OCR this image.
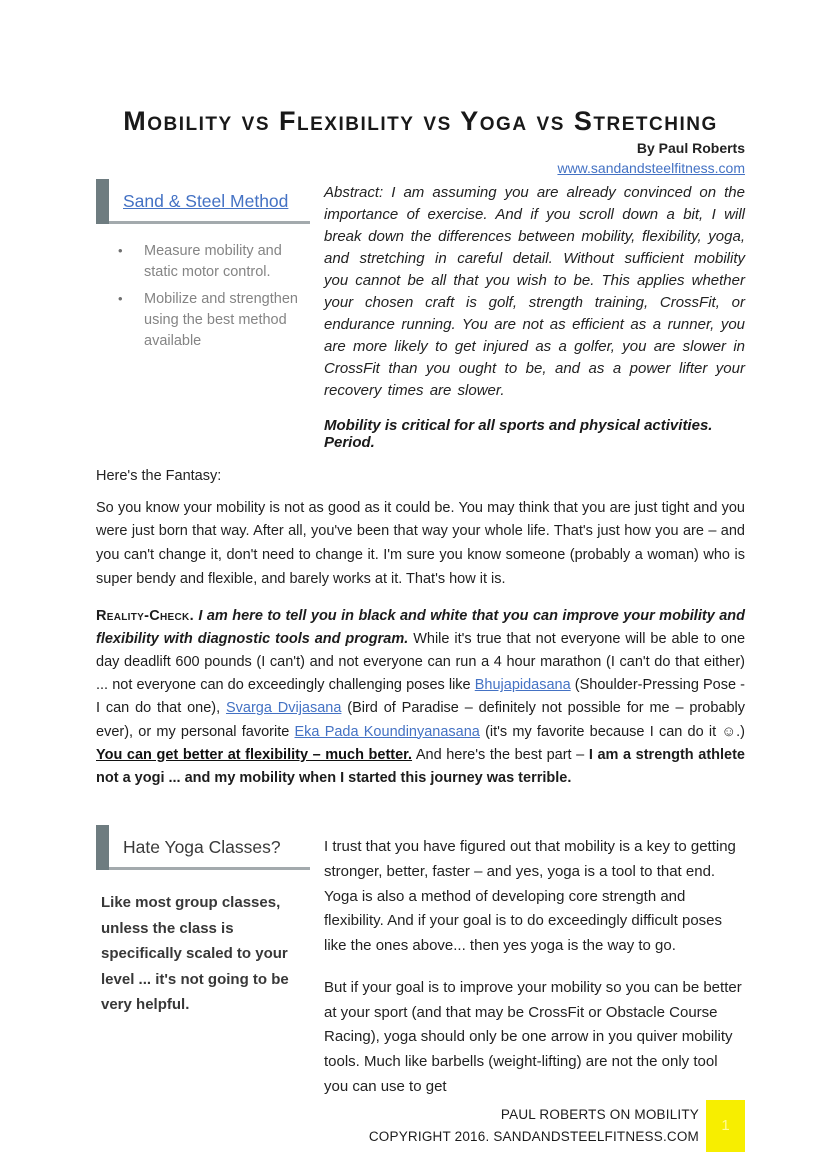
Mobility vs Flexibility vs Yoga vs Stretching
By Paul Roberts
www.sandandsteelfitness.com
Sand & Steel Method
•	Measure mobility and static motor control.
•	Mobilize and strengthen using the best method available

Abstract: I am assuming you are already convinced on the importance of exercise. And if you scroll down a bit, I will break down the differences between mobility, flexibility, yoga, and stretching in careful detail. Without sufficient mobility you cannot be all that you wish to be. This applies whether your chosen craft is golf, strength training, CrossFit, or endurance running. You are not as efficient as a runner, you are more likely to get injured as a golfer, you are slower in CrossFit than you ought to be, and as a power lifter your recovery times are slower.

Mobility is critical for all sports and physical activities. Period.

Here's the Fantasy:

So you know your mobility is not as good as it could be. You may think that you are just tight and you were just born that way. After all, you've been that way your whole life. That's just how you are – and you can't change it, don't need to change it. I'm sure you know someone (probably a woman) who is super bendy and flexible, and barely works at it. That's how it is.

Reality-Check. I am here to tell you in black and white that you can improve your mobility and flexibility with diagnostic tools and program. While it's true that not everyone will be able to one day deadlift 600 pounds (I can't) and not everyone can run a 4 hour marathon (I can't do that either) ... not everyone can do exceedingly challenging poses like Bhujapidasana (Shoulder-Pressing Pose - I can do that one), Svarga Dvijasana (Bird of Paradise – definitely not possible for me – probably ever), or my personal favorite Eka Pada Koundinyanasana (it's my favorite because I can do it ☺.) You can get better at flexibility – much better. And here's the best part – I am a strength athlete not a yogi ... and my mobility when I started this journey was terrible.

Hate Yoga Classes?

Like most group classes, unless the class is specifically scaled to your level ... it's not going to be very helpful.

I trust that you have figured out that mobility is a key to getting stronger, better, faster – and yes, yoga is a tool to that end. Yoga is also a method of developing core strength and flexibility. And if your goal is to do exceedingly difficult poses like the ones above... then yes yoga is the way to go.

But if your goal is to improve your mobility so you can be better at your sport (and that may be CrossFit or Obstacle Course Racing), yoga should only be one arrow in you quiver mobility tools. Much like barbells (weight-lifting) are not the only tool you can use to get

PAUL ROBERTS ON MOBILITY
COPYRIGHT 2016. SANDANDSTEELFITNESS.COM
1
